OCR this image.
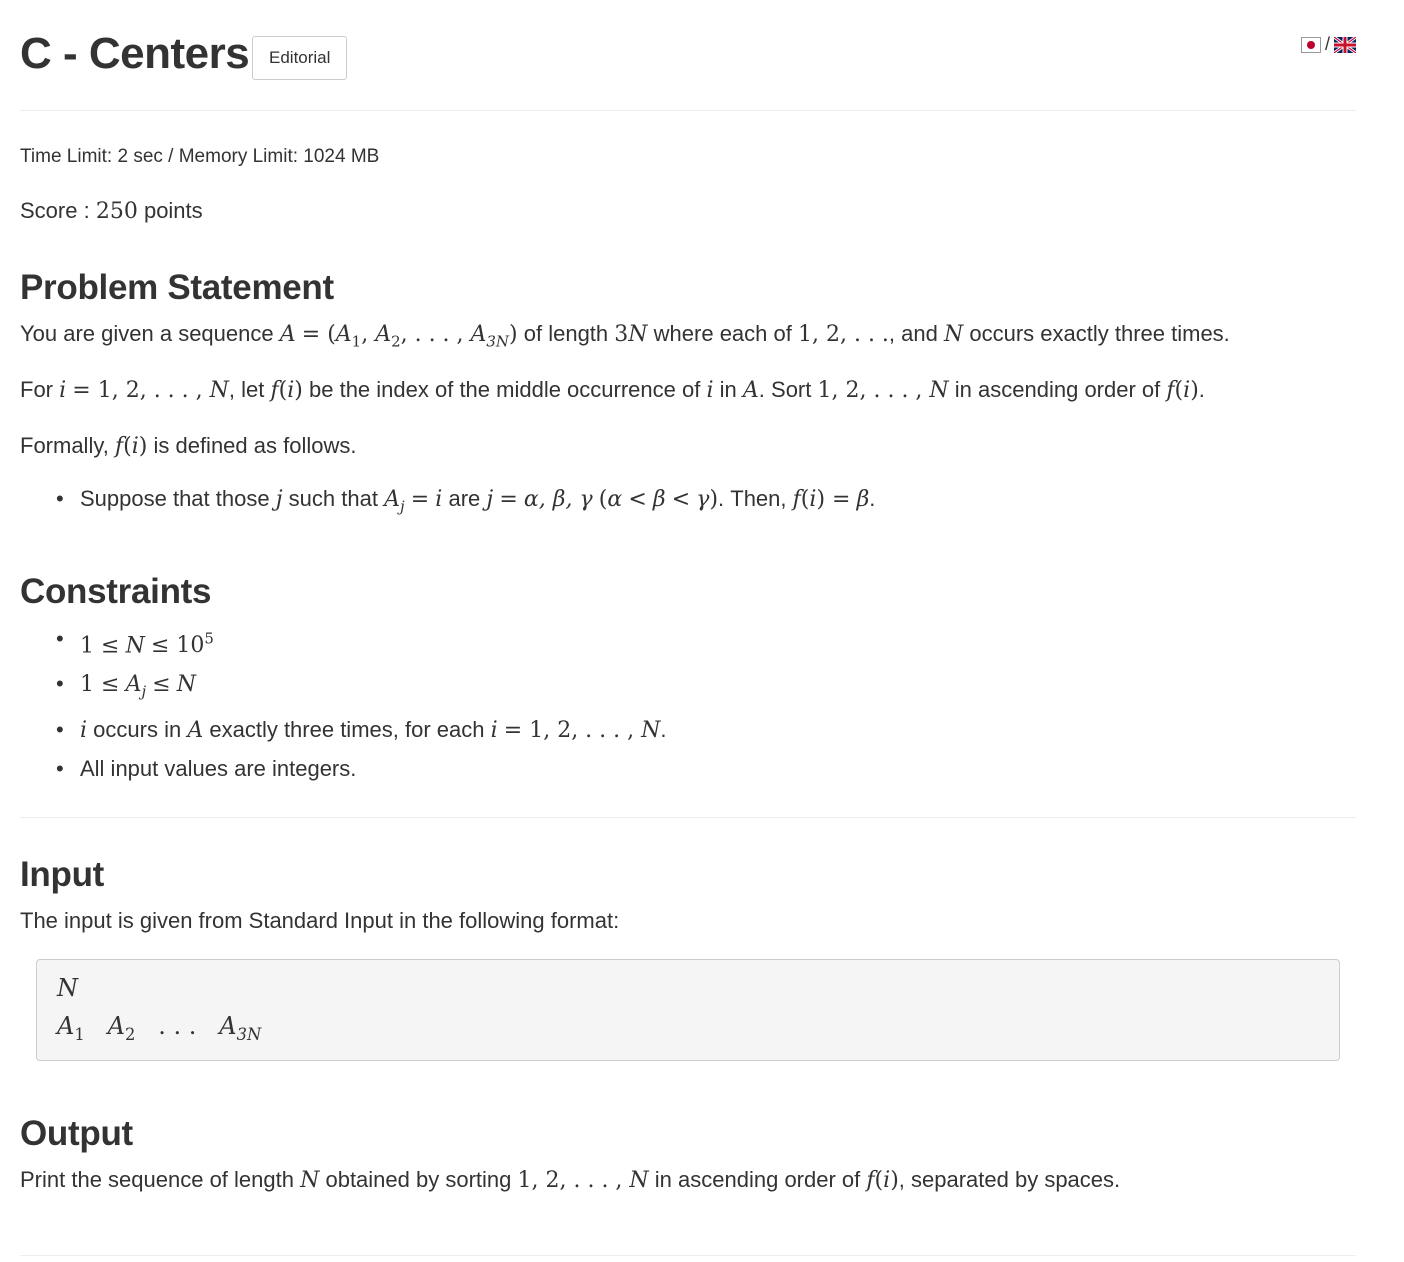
C - Centers	Editorial
/
Time Limit: 2 sec / Memory Limit: 1024 MB
Score : 250 points
Problem Statement

You are given a sequence $A = (A_1$, $A_2$, . . . , $A_{3N}$) of length 3N where each of 1, 2, . . ., and N occurs exactly three times.

For i = 1, 2, . . . , N, let f(i) be the index of the middle occurrence of i in A. Sort 1, 2, . . . , N in ascending order of f(i).

Formally, f(i) is defined as follows.

• Suppose that those j such that $A_j = i$ are j = α, β, γ (α < β < γ). Then, f(i) = β.
Constraints
• $1 \le N \le 10^5$
• $1 \le A_j \le N$
• i occurs in A exactly three times, for each i = 1, 2, . . . , N.
• All input values are integers.
Input

The input is given from Standard Input in the following format:

N
$A_1$   $A_2$ . . .   $A_{3N}$
Output

Print the sequence of length N obtained by sorting 1, 2, . . . , N in ascending order of f(i), separated by spaces.
